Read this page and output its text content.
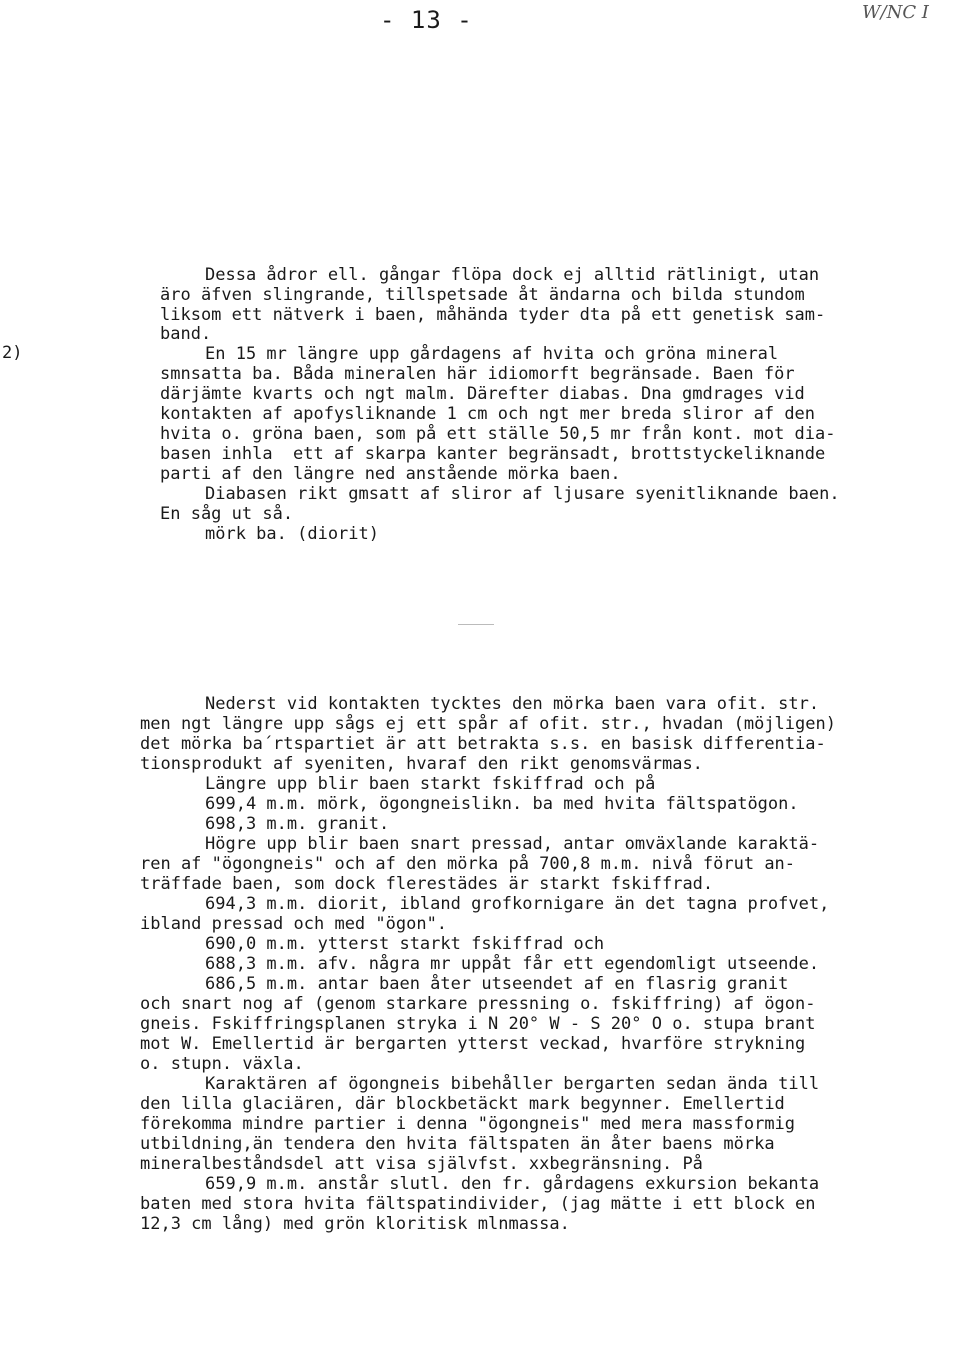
- 13 -	W/NC I
2)
Dessa ådror ell. gångar flöpa dock ej alltid rätlinigt, utan
äro äfven slingrande, tillspetsade åt ändarna och bilda stundom
liksom ett nätverk i baen, måhända tyder dta på ett genetisk sam-
band.
En 15 mr längre upp gårdagens af hvita och gröna mineral
smnsatta ba. Båda mineralen här idiomorft begränsade. Baen för
därjämte kvarts och ngt malm. Därefter diabas. Dna gmdrages vid
kontakten af apofysliknande 1 cm och ngt mer breda sliror af den
hvita o. gröna baen, som på ett ställe 50,5 mr från kont. mot dia-
basen inhla  ett af skarpa kanter begränsadt, brottstyckeliknande
parti af den längre ned anstående mörka baen.
Diabasen rikt gmsatt af sliror af ljusare syenitliknande baen.
En såg ut så.
mörk ba. (diorit)
Nederst vid kontakten tycktes den mörka baen vara ofit. str.
men ngt längre upp sågs ej ett spår af ofit. str., hvadan (möjligen)
det mörka ba´rtspartiet är att betrakta s.s. en basisk differentia-
tionsprodukt af syeniten, hvaraf den rikt genomsvärmas.
Längre upp blir baen starkt fskiffrad och på
699,4 m.m. mörk, ögongneislikn. ba med hvita fältspatögon.
698,3 m.m. granit.
Högre upp blir baen snart pressad, antar omväxlande karaktä-
ren af "ögongneis" och af den mörka på 700,8 m.m. nivå förut an-
träffade baen, som dock flerestädes är starkt fskiffrad.
694,3 m.m. diorit, ibland grofkornigare än det tagna profvet,
ibland pressad och med "ögon".
690,0 m.m. ytterst starkt fskiffrad och
688,3 m.m. afv. några mr uppåt får ett egendomligt utseende.
686,5 m.m. antar baen åter utseendet af en flasrig granit
och snart nog af (genom starkare pressning o. fskiffring) af ögon-
gneis. Fskiffringsplanen stryka i N 20° W - S 20° O o. stupa brant
mot W. Emellertid är bergarten ytterst veckad, hvarföre strykning
o. stupn. växla.
Karaktären af ögongneis bibehåller bergarten sedan ända till
den lilla glaciären, där blockbetäckt mark begynner. Emellertid
förekomma mindre partier i denna "ögongneis" med mera massformig
utbildning,än tendera den hvita fältspaten än åter baens mörka
mineralbeståndsdel att visa självfst. xxbegränsning. På
659,9 m.m. anstår slutl. den fr. gårdagens exkursion bekanta
baten med stora hvita fältspatindivider, (jag mätte i ett block en
12,3 cm lång) med grön kloritisk mlnmassa.
